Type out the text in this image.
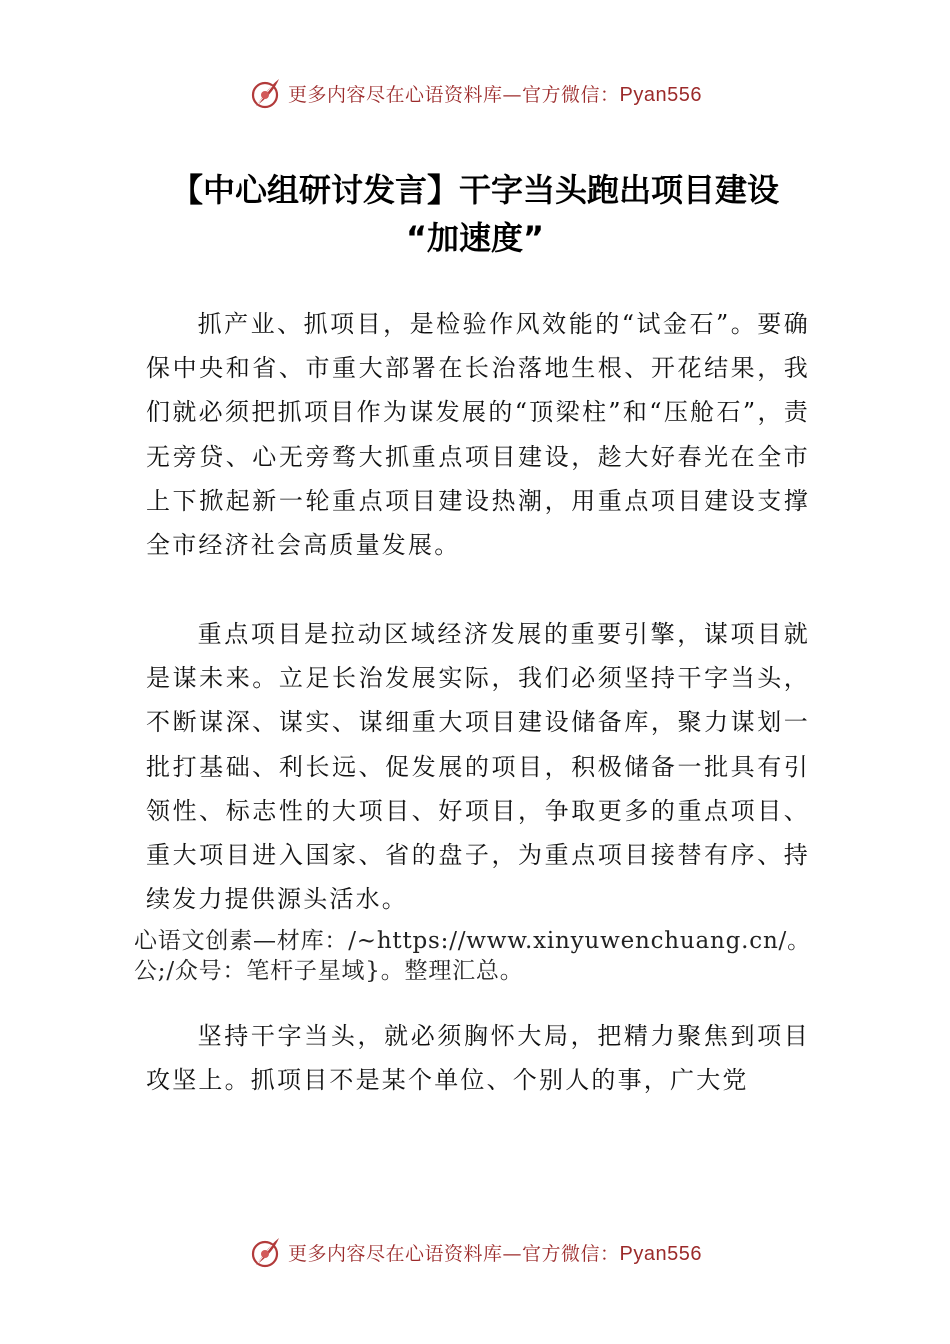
更多内容尽在心语资料库—官方微信：Pyan556
【中心组研讨发言】干字当头跑出项目建设
“加速度”

抓产业、抓项目，是检验作风效能的“试金石”。要确保中央和省、市重大部署在长治落地生根、开花结果，我们就必须把抓项目作为谋发展的“顶梁柱”和“压舱石”，责无旁贷、心无旁骛大抓重点项目建设，趁大好春光在全市上下掀起新一轮重点项目建设热潮，用重点项目建设支撑全市经济社会高质量发展。

重点项目是拉动区域经济发展的重要引擎，谋项目就是谋未来。立足长治发展实际，我们必须坚持干字当头，不断谋深、谋实、谋细重大项目建设储备库，聚力谋划一批打基础、利长远、促发展的项目，积极储备一批具有引领性、标志性的大项目、好项目，争取更多的重点项目、重大项目进入国家、省的盘子，为重点项目接替有序、持续发力提供源头活水。

心语文创素—材库：/~https://www.xinyuwenchuang.cn/。公;/众号：笔杆子星域}。整理汇总。

坚持干字当头，就必须胸怀大局，把精力聚焦到项目攻坚上。抓项目不是某个单位、个别人的事，广大党

更多内容尽在心语资料库—官方微信：Pyan556
